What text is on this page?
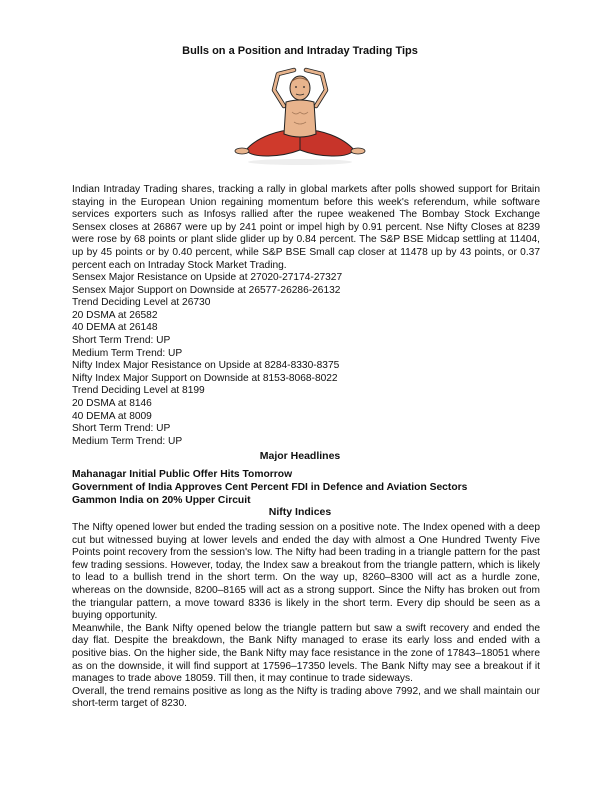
Bulls on a Position and Intraday Trading Tips

Indian Intraday Trading shares, tracking a rally in global markets after polls showed support for Britain staying in the European Union regaining momentum before this week's referendum, while software services exporters such as Infosys rallied after the rupee weakened The Bombay Stock Exchange Sensex closes at 26867 were up by 241 point or impel high by 0.91 percent. Nse Nifty Closes at 8239 were rose by 68 points or plant slide glider up by 0.84 percent. The S&P BSE Midcap settling at 11404, up by 45 points or by 0.40 percent, while S&P BSE Small cap closer at 11478 up by 43 points, or 0.37 percent each on Intraday Stock Market Trading.

Sensex Major Resistance on Upside at 27020-27174-27327

Sensex Major Support on Downside at 26577-26286-26132

Trend Deciding Level at 26730

20 DSMA at 26582

40 DEMA at 26148

Short Term Trend: UP

Medium Term Trend: UP

Nifty Index Major Resistance on Upside at 8284-8330-8375

Nifty Index Major Support on Downside at 8153-8068-8022

Trend Deciding Level at 8199

20 DSMA at 8146

40 DEMA at 8009

Short Term Trend: UP

Medium Term Trend: UP

Major Headlines

Mahanagar Initial Public Offer Hits Tomorrow

Government of India Approves Cent Percent FDI in Defence and Aviation Sectors

Gammon India on 20% Upper Circuit

Nifty Indices

The Nifty opened lower but ended the trading session on a positive note. The Index opened with a deep cut but witnessed buying at lower levels and ended the day with almost a One Hundred Twenty Five Points point recovery from the session's low. The Nifty had been trading in a triangle pattern for the past few trading sessions. However, today, the Index saw a breakout from the triangle pattern, which is likely to lead to a bullish trend in the short term. On the way up, 8260–8300 will act as a hurdle zone, whereas on the downside, 8200–8165 will act as a strong support. Since the Nifty has broken out from the triangular pattern, a move toward 8336 is likely in the short term. Every dip should be seen as a buying opportunity.

Meanwhile, the Bank Nifty opened below the triangle pattern but saw a swift recovery and ended the day flat. Despite the breakdown, the Bank Nifty managed to erase its early loss and ended with a positive bias. On the higher side, the Bank Nifty may face resistance in the zone of 17843–18051 where as on the downside, it will find support at 17596–17350 levels. The Bank Nifty may see a breakout if it manages to trade above 18059. Till then, it may continue to trade sideways.

Overall, the trend remains positive as long as the Nifty is trading above 7992, and we shall maintain our short-term target of 8230.
